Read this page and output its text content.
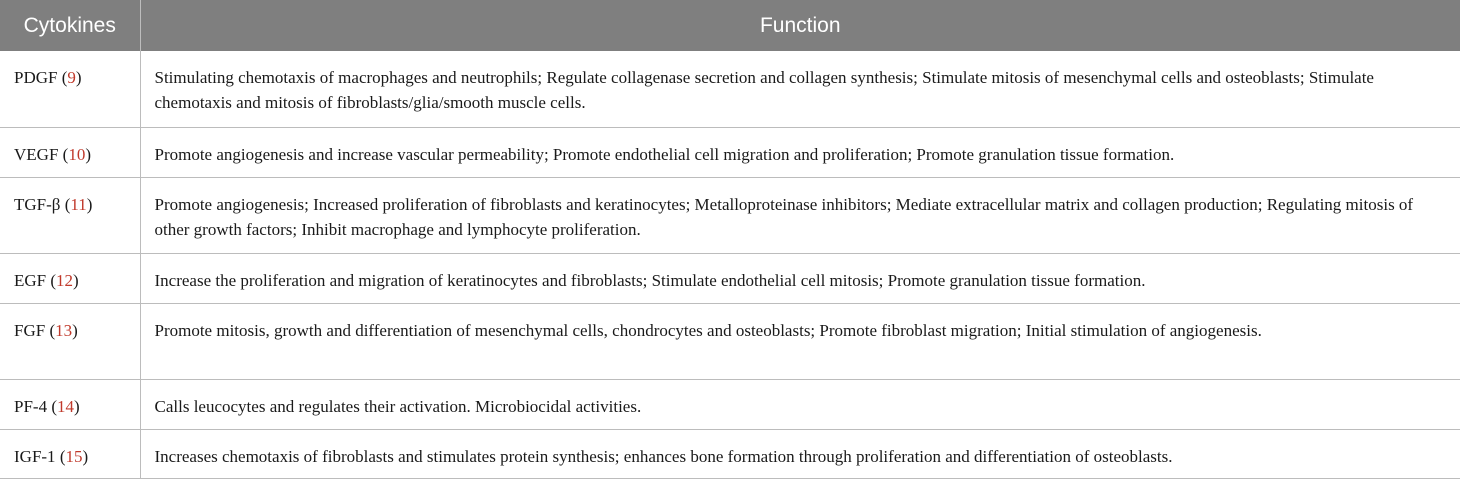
Cytokines	Function
PDGF (9)	Stimulating chemotaxis of macrophages and neutrophils; Regulate collagenase secretion and collagen synthesis; Stimulate mitosis of mesenchymal cells and osteoblasts; Stimulate chemotaxis and mitosis of fibroblasts/glia/smooth muscle cells.
VEGF (10)	Promote angiogenesis and increase vascular permeability; Promote endothelial cell migration and proliferation; Promote granulation tissue formation.
TGF-β (11)	Promote angiogenesis; Increased proliferation of fibroblasts and keratinocytes; Metalloproteinase inhibitors; Mediate extracellular matrix and collagen production; Regulating mitosis of other growth factors; Inhibit macrophage and lymphocyte proliferation.
EGF (12)	Increase the proliferation and migration of keratinocytes and fibroblasts; Stimulate endothelial cell mitosis; Promote granulation tissue formation.
FGF (13)	Promote mitosis, growth and differentiation of mesenchymal cells, chondrocytes and osteoblasts; Promote fibroblast migration; Initial stimulation of angiogenesis.
PF-4 (14)	Calls leucocytes and regulates their activation. Microbiocidal activities.
IGF-1 (15)	Increases chemotaxis of fibroblasts and stimulates protein synthesis; enhances bone formation through proliferation and differentiation of osteoblasts.
